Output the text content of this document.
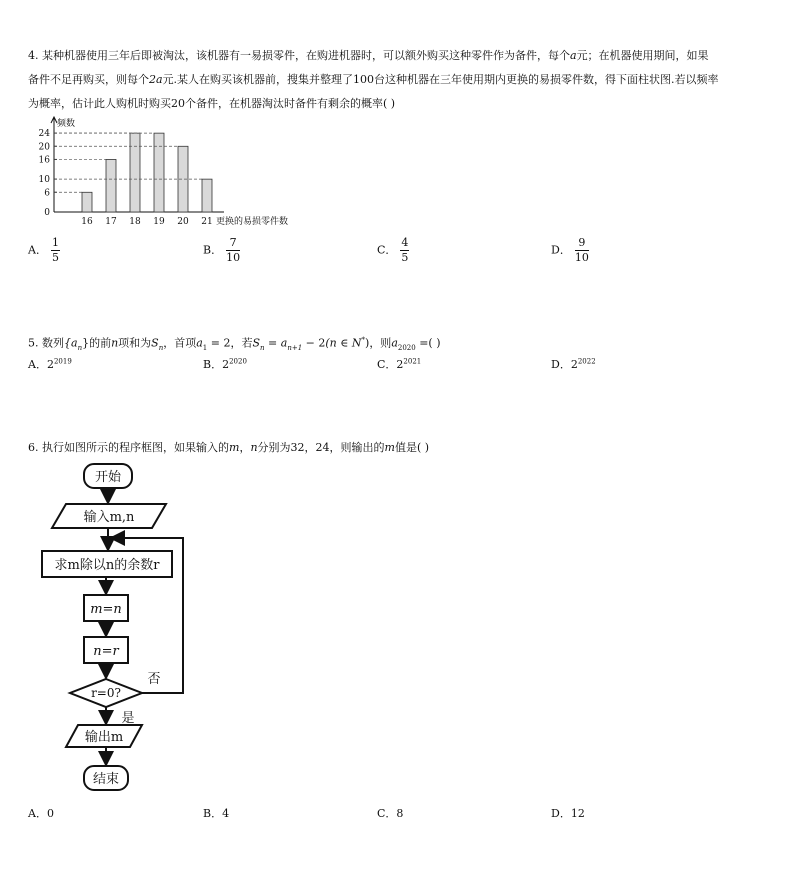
4. 某种机器使用三年后即被淘汰，该机器有一易损零件，在购进机器时，可以额外购买这种零件作为备件，每个a元；在机器使用期间，如果
备件不足再购买，则每个2a元.某人在购买该机器前，搜集并整理了100台这种机器在三年使用期内更换的易损零件数，得下面柱状图.若以频率
为概率，估计此人购机时购买20个备件，在机器淘汰时备件有剩余的概率( )
频数
0
6
10
16
20
24
16 17 18 19 20 21 更换的易损零件数
A． $\frac{1}{5}$	B． $\frac{7}{10}$	C． $\frac{4}{5}$	D． $\frac{9}{10}$
5. 数列$\{a_n\}$的前n项和为$S_n$，首项$a_1 = 2$，若$S_n = a_{n+1} - 2(n$ ∈ N*)，则$a_{2020}$ =( )
A．$2^{2019}$	B．$2^{2020}$	C．$2^{2021}$	D．$2^{2022}$
6. 执行如图所示的程序框图，如果输入的m，n分别为32，24，则输出的m值是( )
开始
输入m,n
求m除以n的余数r
m=n
n=r
r=0?
输出m
结束
否
是
A．0	B．4	C．8	D．12
